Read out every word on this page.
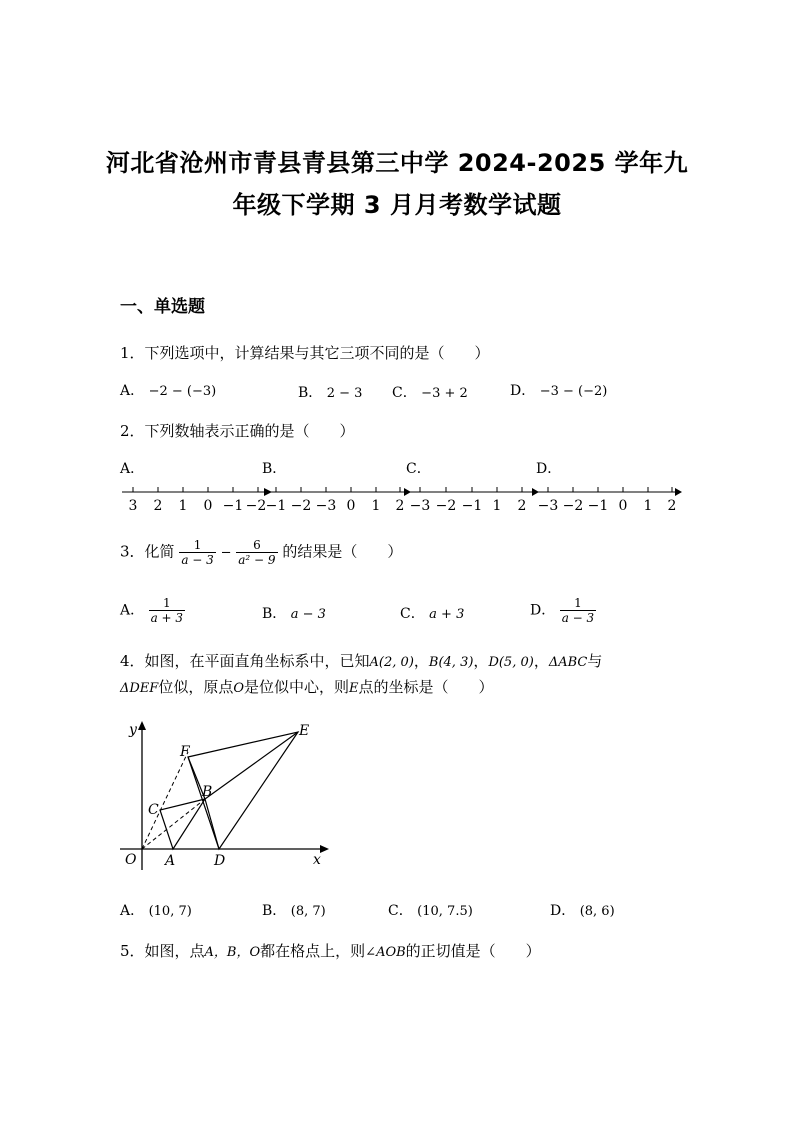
河北省沧州市青县青县第三中学 2024-2025 学年九
年级下学期 3 月月考数学试题
一、单选题
1．下列选项中，计算结果与其它三项不同的是（　　）
A． −2 − (−3)	B． 2 − 3 C． −3 + 2	D． −3 − (−2)
2．下列数轴表示正确的是（　　）
A．	B．	C．	D．
3 2 1 0 −1 −2 −1 −2 −3 0 1 2 −3 −2 −1 1 2 −3 −2 −1 0 1 2
3．化简 $\frac{1}{a - 3} - \frac{6}{\text{a² − 9}}$ 的结果是（　　）
A． $\frac{1}{a + 3}$	B． a − 3	C． a + 3	D． $\frac{1}{a - 3}$
4．如图，在平面直角坐标系中，已知A(2, 0)，B(4, 3)，D(5, 0)，ΔABC与
ΔDEF位似，原点O是位似中心，则E点的坐标是（　　）
y
x
O A	D
C
B
F
E
A． (10, 7)	B． (8, 7)	C． (10, 7.5)	D． (8, 6)
5．如图，点A，B，O都在格点上，则∠AOB的正切值是（　　）
